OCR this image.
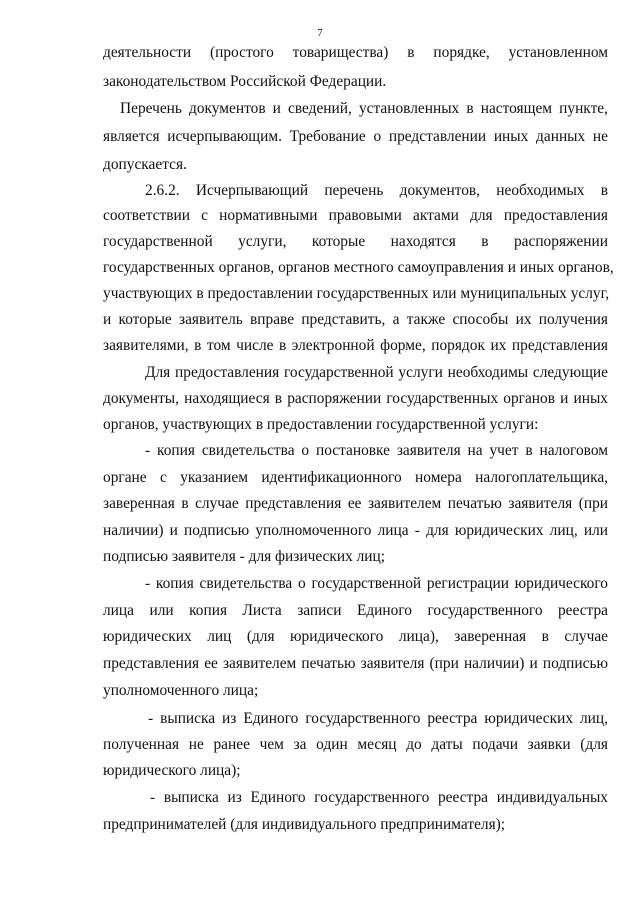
7
деятельности (простого товарищества) в порядке, установленном
законодательством Российской Федерации.
Перечень документов и сведений, установленных в настоящем пункте,
является исчерпывающим. Требование о представлении иных данных не
допускается.
2.6.2. Исчерпывающий перечень документов, необходимых в
соответствии с нормативными правовыми актами для предоставления
государственной услуги, которые находятся в распоряжении
государственных органов, органов местного самоуправления и иных органов,
участвующих в предоставлении государственных или муниципальных услуг,
и которые заявитель вправе представить, а также способы их получения
заявителями, в том числе в электронной форме, порядок их представления
Для предоставления государственной услуги необходимы следующие
документы, находящиеся в распоряжении государственных органов и иных
органов, участвующих в предоставлении государственной услуги:
- копия свидетельства о постановке заявителя на учет в налоговом
органе с указанием идентификационного номера налогоплательщика,
заверенная в случае представления ее заявителем печатью заявителя (при
наличии) и подписью уполномоченного лица - для юридических лиц, или
подписью заявителя - для физических лиц;
- копия свидетельства о государственной регистрации юридического
лица или копия Листа записи Единого государственного реестра
юридических лиц (для юридического лица), заверенная в случае
представления ее заявителем печатью заявителя (при наличии) и подписью
уполномоченного лица;
- выписка из Единого государственного реестра юридических лиц,
полученная не ранее чем за один месяц до даты подачи заявки (для
юридического лица);
- выписка из Единого государственного реестра индивидуальных
предпринимателей (для индивидуального предпринимателя);
